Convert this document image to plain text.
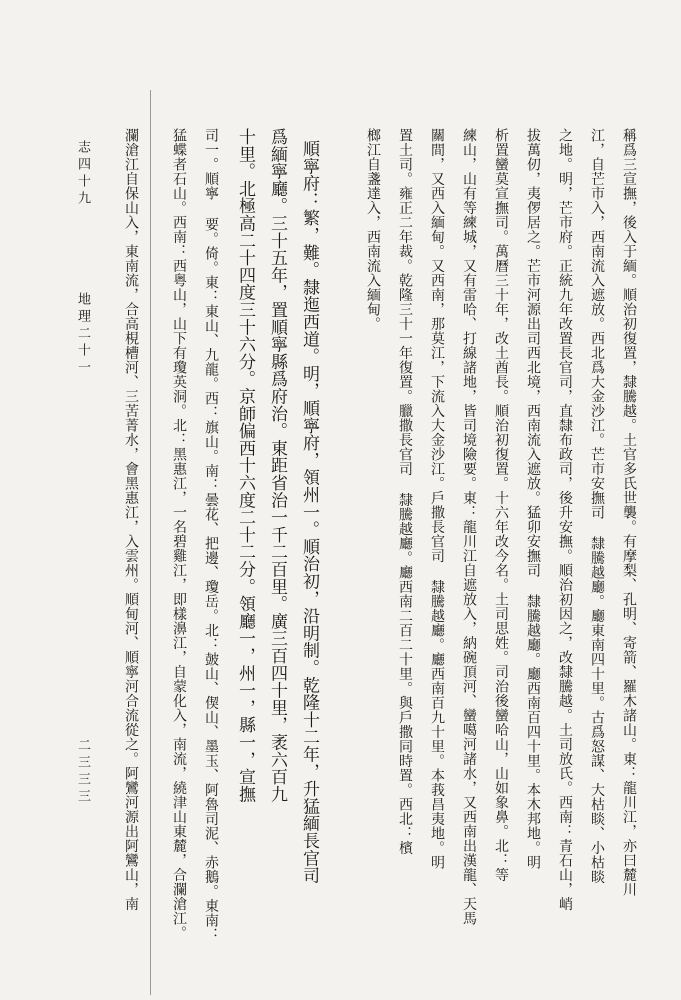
稱爲三宣撫，後入于緬。順治初復置，隸騰越。土官多氏世襲。有摩梨、孔明、寄箭、羅木諸山。東：龍川江，亦曰麓川
江，自芒市入，西南流入遮放。西北爲大金沙江。芒市安撫司 隸騰越廳。廳東南四十里。古爲怒謀、大枯睒、小枯睒
之地。明，芒市府。正統九年改置長官司，直隸布政司，後升安撫。順治初因之，改隸騰越。土司放氏。西南：青石山，峭
拔萬仞，夷㑩居之。芒市河源出司西北境，西南流入遮放。猛卯安撫司 隸騰越廳。廳西南百四十里。本木邦地。明
析置蠻莫宣撫司。萬曆三十年，改土酋長。順治初復置。十六年改今名。土司思姓。司治後蠻哈山，山如象鼻。北：等
練山，山有等練城，又有雷哈、打線諸地，皆司境險要。東：龍川江自遮放入，納碗頂河、蠻噶河諸水，又西南出漢龍、天馬
關間，又西入緬甸。又西南，那莫江，下流入大金沙江。戶撒長官司 隸騰越廳。廳西南百九十里。本莪昌夷地。明
置土司。雍正二年裁。乾隆三十一年復置。臘撒長官司 隸騰越廳。廳西南二百二十里。與戶撒同時置。西北：檳
榔江自盞達入，西南流入緬甸。
順寧府：繁，難。隸迤西道。明，順寧府，領州一。順治初，沿明制。乾隆十二年，升猛緬長官司
爲緬寧廳。三十五年，置順寧縣爲府治。東距省治一千二百里。廣三百四十里，袤六百九
十里。北極高二十四度三十六分。京師偏西十六度二十二分。領廳一，州一，縣一，宣撫
司一。順寧 要。倚。東：東山、九龍。西：旗山。南：曇花、把邊、瓊岳。北：皷山、偰山、墨玉、阿魯司泥、赤鵝。東南：
猛蝶者石山。西南：西粤山，山下有瓊英洞。北：黑惠江，一名碧雞江，即樣濞江，自蒙化入，南流，繞津山東麓，合瀾滄江。
瀾滄江自保山入，東南流，合高梘槽河、三苦菁水，會黑惠江，入雲州。順甸河、順寧河合流從之。阿鸞河源出阿鸞山，南
志四十九
地理二十一
二三三三
